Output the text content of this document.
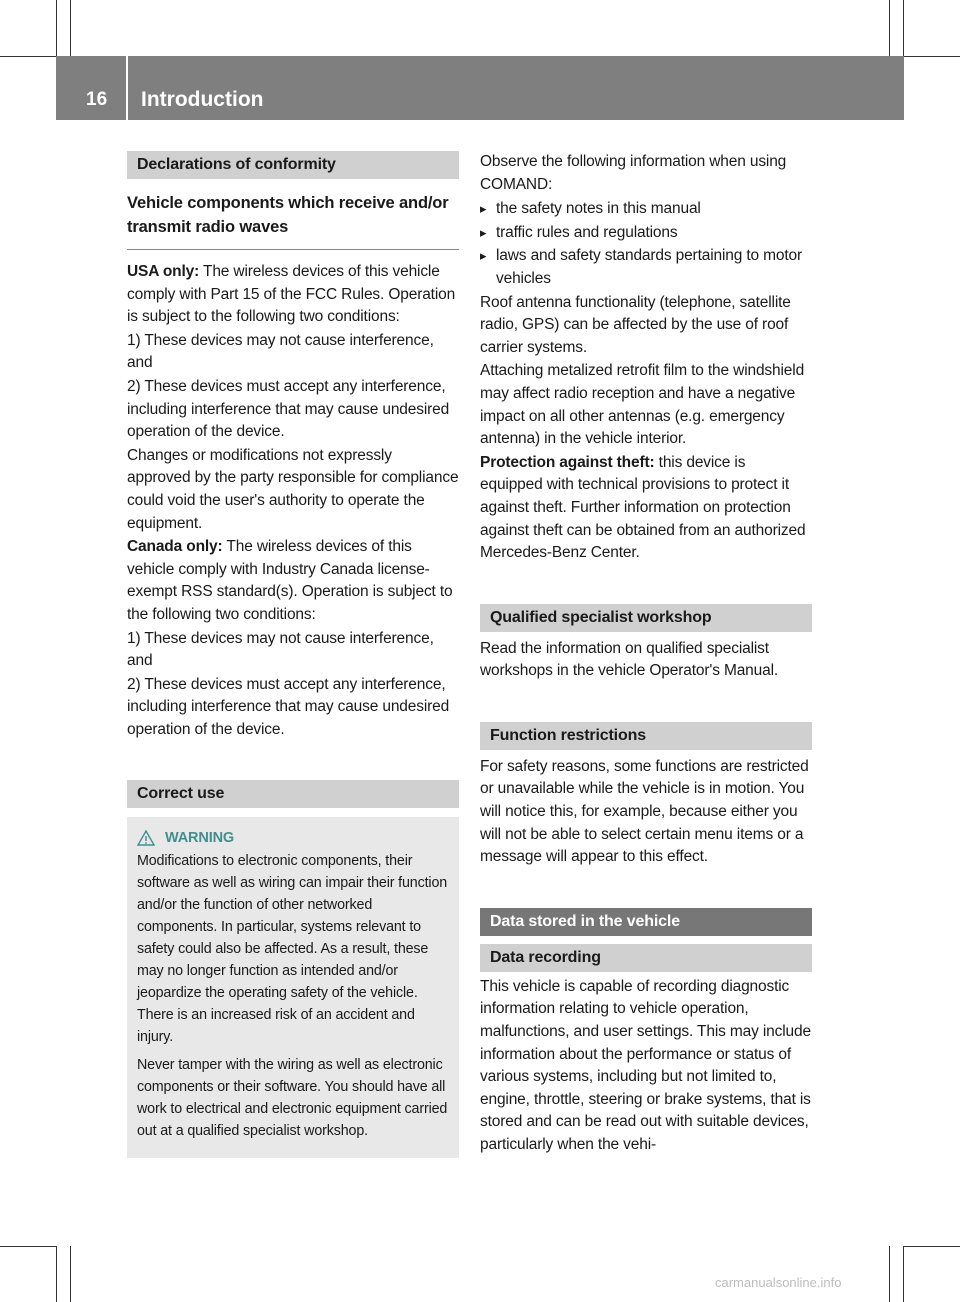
16 Introduction
Declarations of conformity
Vehicle components which receive and/or transmit radio waves

USA only: The wireless devices of this vehicle comply with Part 15 of the FCC Rules. Operation is subject to the following two conditions:

1) These devices may not cause interference, and

2) These devices must accept any interference, including interference that may cause undesired operation of the device.

Changes or modifications not expressly approved by the party responsible for compliance could void the user's authority to operate the equipment.

Canada only: The wireless devices of this vehicle comply with Industry Canada license-exempt RSS standard(s). Operation is subject to the following two conditions:

1) These devices may not cause interference, and

2) These devices must accept any interference, including interference that may cause undesired operation of the device.

Correct use
WARNING

Modifications to electronic components, their software as well as wiring can impair their function and/or the function of other networked components. In particular, systems relevant to safety could also be affected. As a result, these may no longer function as intended and/or jeopardize the operating safety of the vehicle. There is an increased risk of an accident and injury.

Never tamper with the wiring as well as electronic components or their software. You should have all work to electrical and electronic equipment carried out at a qualified specialist workshop.

Observe the following information when using COMAND:

▸ the safety notes in this manual
▸ traffic rules and regulations
▸ laws and safety standards pertaining to motor vehicles

Roof antenna functionality (telephone, satellite radio, GPS) can be affected by the use of roof carrier systems.

Attaching metalized retrofit film to the windshield may affect radio reception and have a negative impact on all other antennas (e.g. emergency antenna) in the vehicle interior.

Protection against theft: this device is equipped with technical provisions to protect it against theft. Further information on protection against theft can be obtained from an authorized Mercedes-Benz Center.

Qualified specialist workshop

Read the information on qualified specialist workshops in the vehicle Operator's Manual.

Function restrictions

For safety reasons, some functions are restricted or unavailable while the vehicle is in motion. You will notice this, for example, because either you will not be able to select certain menu items or a message will appear to this effect.

Data stored in the vehicle
Data recording

This vehicle is capable of recording diagnostic information relating to vehicle operation, malfunctions, and user settings. This may include information about the performance or status of various systems, including but not limited to, engine, throttle, steering or brake systems, that is stored and can be read out with suitable devices, particularly when the vehi-

carmanualsonline.info
